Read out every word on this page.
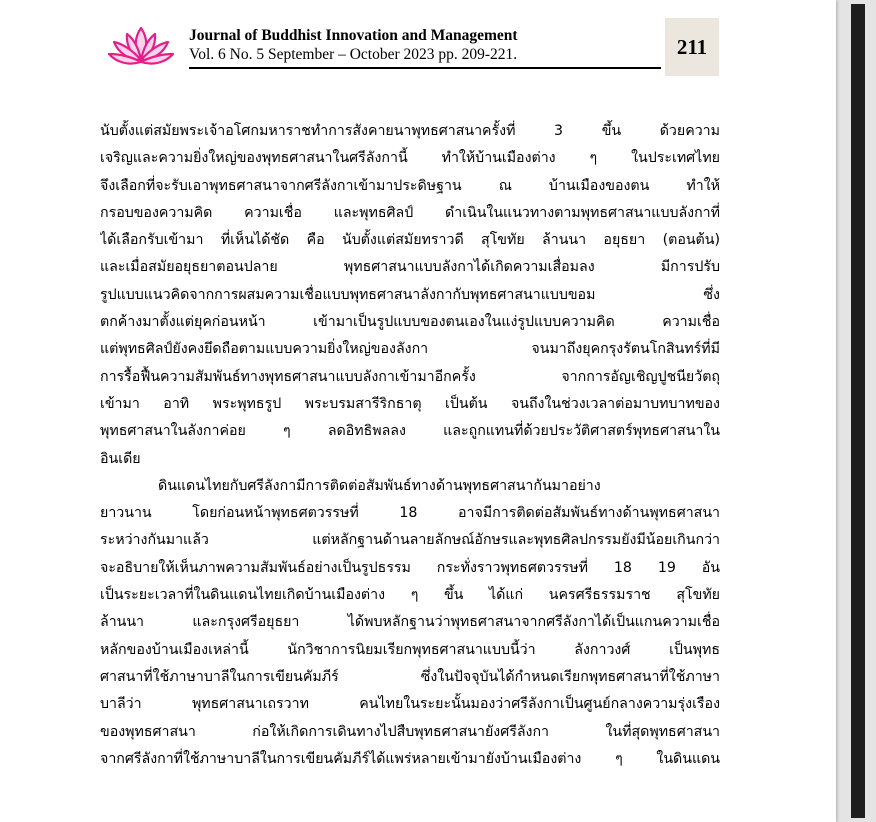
Journal of Buddhist Innovation and Management
Vol. 6 No. 5 September – October 2023 pp. 209-221.	211
นับตั้งแต่สมัยพระเจ้าอโศกมหาราชทำการสังคายนาพุทธศาสนาครั้งที่ 3 ขึ้น ด้วยความ
เจริญและความยิ่งใหญ่ของพุทธศาสนาในศรีลังกานี้ ทำให้บ้านเมืองต่าง ๆ ในประเทศไทย
จึงเลือกที่จะรับเอาพุทธศาสนาจากศรีลังกาเข้ามาประดิษฐาน ณ บ้านเมืองของตน ทำให้
กรอบของความคิด ความเชื่อ และพุทธศิลป์ ดำเนินในแนวทางตามพุทธศาสนาแบบลังกาที่
ได้เลือกรับเข้ามา ที่เห็นได้ชัด คือ นับตั้งแต่สมัยทราวดี สุโขทัย ล้านนา อยุธยา (ตอนต้น)
และเมื่อสมัยอยุธยาตอนปลาย พุทธศาสนาแบบลังกาได้เกิดความเสื่อมลง มีการปรับ
รูปแบบแนวคิดจากการผสมความเชื่อแบบพุทธศาสนาลังกากับพุทธศาสนาแบบขอม ซึ่ง
ตกค้างมาตั้งแต่ยุคก่อนหน้า เข้ามาเป็นรูปแบบของตนเองในแง่รูปแบบความคิด ความเชื่อ
แต่พุทธศิลป์ยังคงยึดถือตามแบบความยิ่งใหญ่ของลังกา จนมาถึงยุคกรุงรัตนโกสินทร์ที่มี
การรื้อฟื้นความสัมพันธ์ทางพุทธศาสนาแบบลังกาเข้ามาอีกครั้ง จากการอัญเชิญปูชนียวัตถุ
เข้ามา อาทิ พระพุทธรูป พระบรมสารีริกธาตุ เป็นต้น จนถึงในช่วงเวลาต่อมาบทบาทของ
พุทธศาสนาในลังกาค่อย ๆ ลดอิทธิพลลง และถูกแทนที่ด้วยประวัติศาสตร์พุทธศาสนาใน
อินเดีย
ดินแดนไทยกับศรีลังกามีการติดต่อสัมพันธ์ทางด้านพุทธศาสนากันมาอย่าง
ยาวนาน โดยก่อนหน้าพุทธศตวรรษที่ 18 อาจมีการติดต่อสัมพันธ์ทางด้านพุทธศาสนา
ระหว่างกันมาแล้ว แต่หลักฐานด้านลายลักษณ์อักษรและพุทธศิลปกรรมยังมีน้อยเกินกว่า
จะอธิบายให้เห็นภาพความสัมพันธ์อย่างเป็นรูปธรรม กระทั่งราวพุทธศตวรรษที่ 18 19 อัน
เป็นระยะเวลาที่ในดินแดนไทยเกิดบ้านเมืองต่าง ๆ ขึ้น ได้แก่ นครศรีธรรมราช สุโขทัย
ล้านนา และกรุงศรีอยุธยา ได้พบหลักฐานว่าพุทธศาสนาจากศรีลังกาได้เป็นแกนความเชื่อ
หลักของบ้านเมืองเหล่านี้ นักวิชาการนิยมเรียกพุทธศาสนาแบบนี้ว่า ลังกาวงศ์ เป็นพุทธ
ศาสนาที่ใช้ภาษาบาลีในการเขียนคัมภีร์ ซึ่งในปัจจุบันได้กำหนดเรียกพุทธศาสนาที่ใช้ภาษา
บาลีว่า พุทธศาสนาเถรวาท คนไทยในระยะนั้นมองว่าศรีลังกาเป็นศูนย์กลางความรุ่งเรือง
ของพุทธศาสนา ก่อให้เกิดการเดินทางไปสืบพุทธศาสนายังศรีลังกา ในที่สุดพุทธศาสนา
จากศรีลังกาที่ใช้ภาษาบาลีในการเขียนคัมภีร์ได้แพร่หลายเข้ามายังบ้านเมืองต่าง ๆ ในดินแดน
